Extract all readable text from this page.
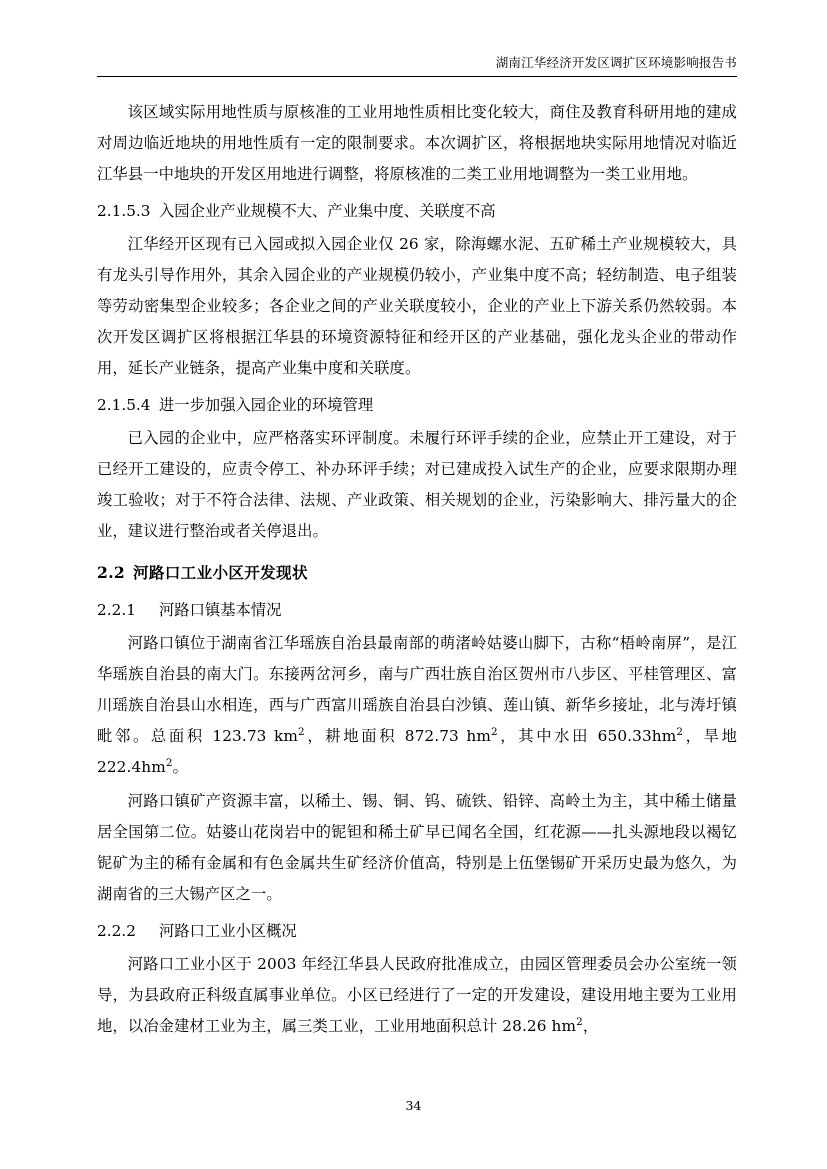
湖南江华经济开发区调扩区环境影响报告书

该区域实际用地性质与原核准的工业用地性质相比变化较大，商住及教育科研用地的建成对周边临近地块的用地性质有一定的限制要求。本次调扩区，将根据地块实际用地情况对临近江华县一中地块的开发区用地进行调整，将原核准的二类工业用地调整为一类工业用地。

2.1.5.3 入园企业产业规模不大、产业集中度、关联度不高

江华经开区现有已入园或拟入园企业仅 26 家，除海螺水泥、五矿稀土产业规模较大，具有龙头引导作用外，其余入园企业的产业规模仍较小，产业集中度不高；轻纺制造、电子组装等劳动密集型企业较多；各企业之间的产业关联度较小，企业的产业上下游关系仍然较弱。本次开发区调扩区将根据江华县的环境资源特征和经开区的产业基础，强化龙头企业的带动作用，延长产业链条，提高产业集中度和关联度。

2.1.5.4 进一步加强入园企业的环境管理

已入园的企业中，应严格落实环评制度。未履行环评手续的企业，应禁止开工建设，对于已经开工建设的，应责令停工、补办环评手续；对已建成投入试生产的企业，应要求限期办理竣工验收；对于不符合法律、法规、产业政策、相关规划的企业，污染影响大、排污量大的企业，建议进行整治或者关停退出。

2.2 河路口工业小区开发现状
2.2.1 河路口镇基本情况

河路口镇位于湖南省江华瑶族自治县最南部的萌渚岭姑婆山脚下，古称“梧岭南屏”，是江华瑶族自治县的南大门。东接两岔河乡，南与广西壮族自治区贺州市八步区、平桂管理区、富川瑶族自治县山水相连，西与广西富川瑶族自治县白沙镇、莲山镇、新华乡接址，北与涛圩镇毗邻。总面积 123.73 $km^2$，耕地面积 872.73 $hm^2$，其中水田 $650.33hm^2$，旱地 $222.4hm^2$。

河路口镇矿产资源丰富，以稀土、锡、铜、钨、硫铁、铅锌、高岭土为主，其中稀土储量居全国第二位。姑婆山花岗岩中的铌钽和稀土矿早已闻名全国，红花源——扎头源地段以褐钇铌矿为主的稀有金属和有色金属共生矿经济价值高，特别是上伍堡锡矿开采历史最为悠久，为湖南省的三大锡产区之一。

2.2.2 河路口工业小区概况

河路口工业小区于 2003 年经江华县人民政府批准成立，由园区管理委员会办公室统一领导，为县政府正科级直属事业单位。小区已经进行了一定的开发建设，建设用地主要为工业用地，以冶金建材工业为主，属三类工业，工业用地面积总计 28.26 $hm^2$，

34
